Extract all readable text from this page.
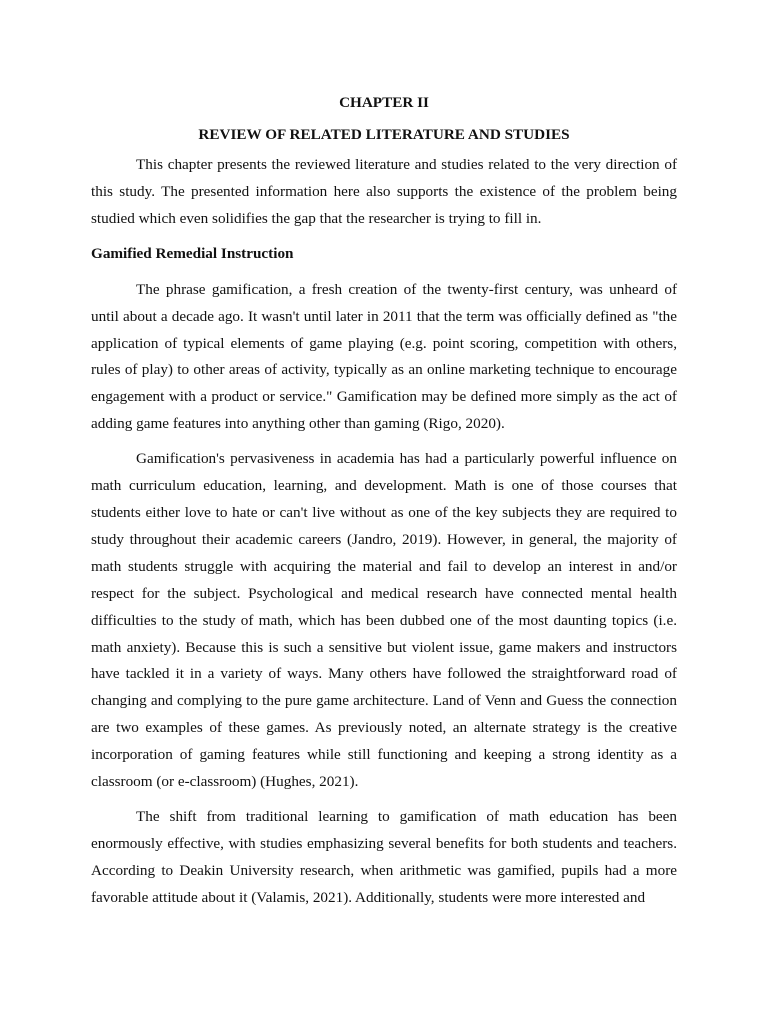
CHAPTER II

REVIEW OF RELATED LITERATURE AND STUDIES

This chapter presents the reviewed literature and studies related to the very direction of this study. The presented information here also supports the existence of the problem being studied which even solidifies the gap that the researcher is trying to fill in.

Gamified Remedial Instruction

The phrase gamification, a fresh creation of the twenty-first century, was unheard of until about a decade ago. It wasn't until later in 2011 that the term was officially defined as "the application of typical elements of game playing (e.g. point scoring, competition with others, rules of play) to other areas of activity, typically as an online marketing technique to encourage engagement with a product or service." Gamification may be defined more simply as the act of adding game features into anything other than gaming (Rigo, 2020).

Gamification's pervasiveness in academia has had a particularly powerful influence on math curriculum education, learning, and development. Math is one of those courses that students either love to hate or can't live without as one of the key subjects they are required to study throughout their academic careers (Jandro, 2019). However, in general, the majority of math students struggle with acquiring the material and fail to develop an interest in and/or respect for the subject. Psychological and medical research have connected mental health difficulties to the study of math, which has been dubbed one of the most daunting topics (i.e. math anxiety). Because this is such a sensitive but violent issue, game makers and instructors have tackled it in a variety of ways. Many others have followed the straightforward road of changing and complying to the pure game architecture. Land of Venn and Guess the connection are two examples of these games. As previously noted, an alternate strategy is the creative incorporation of gaming features while still functioning and keeping a strong identity as a classroom (or e-classroom) (Hughes, 2021).

The shift from traditional learning to gamification of math education has been enormously effective, with studies emphasizing several benefits for both students and teachers. According to Deakin University research, when arithmetic was gamified, pupils had a more favorable attitude about it (Valamis, 2021). Additionally, students were more interested and
